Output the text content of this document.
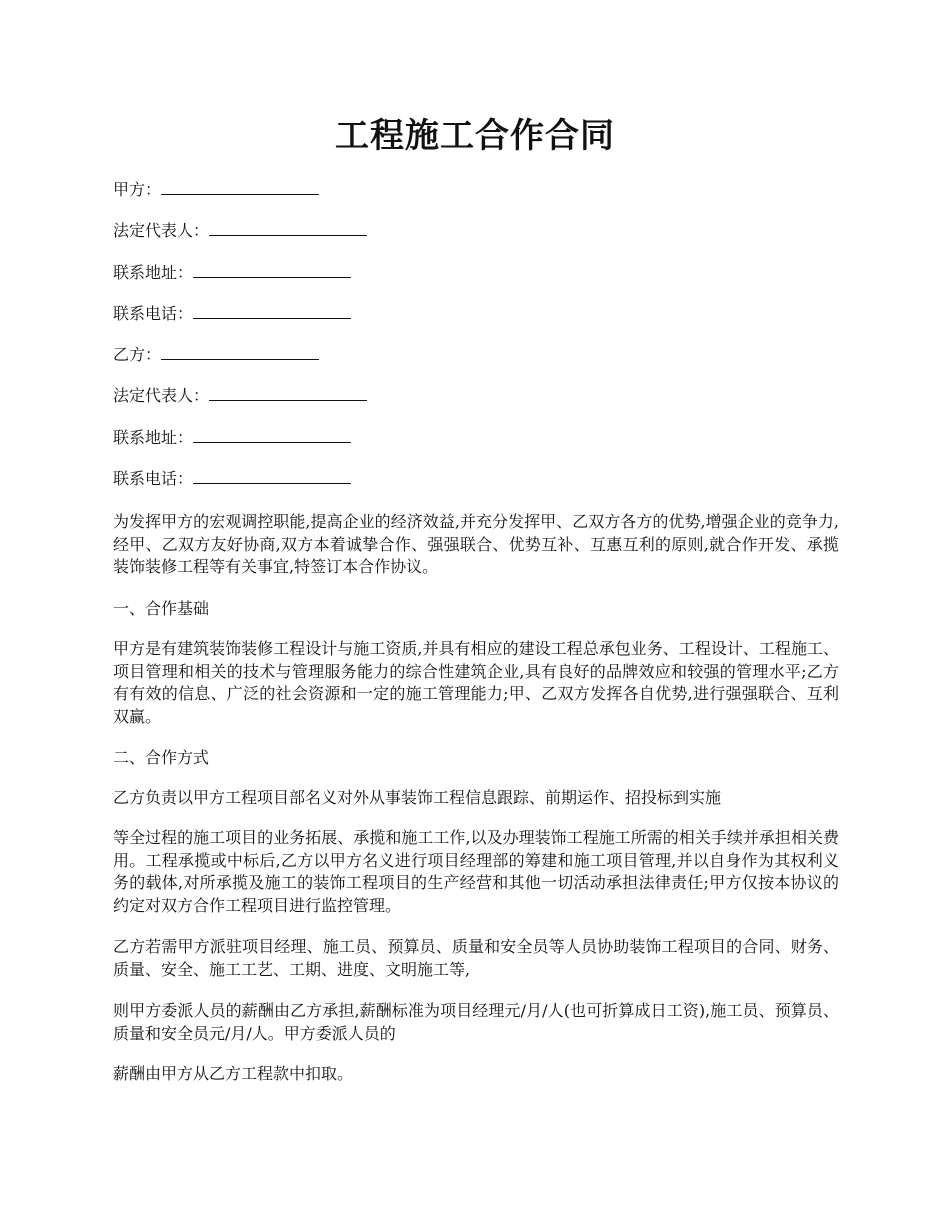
工程施工合作合同
甲方：
法定代表人：
联系地址：
联系电话：
乙方：
法定代表人：
联系地址：
联系电话：
为发挥甲方的宏观调控职能,提高企业的经济效益,并充分发挥甲、乙双方各方的优势,增强企业的竞争力,经甲、乙双方友好协商,双方本着诚挚合作、强强联合、优势互补、互惠互利的原则,就合作开发、承揽装饰装修工程等有关事宜,特签订本合作协议。
一、合作基础
甲方是有建筑装饰装修工程设计与施工资质,并具有相应的建设工程总承包业务、工程设计、工程施工、项目管理和相关的技术与管理服务能力的综合性建筑企业,具有良好的品牌效应和较强的管理水平;乙方有有效的信息、广泛的社会资源和一定的施工管理能力;甲、乙双方发挥各自优势,进行强强联合、互利双赢。
二、合作方式
乙方负责以甲方工程项目部名义对外从事装饰工程信息跟踪、前期运作、招投标到实施
等全过程的施工项目的业务拓展、承揽和施工工作,以及办理装饰工程施工所需的相关手续并承担相关费用。工程承揽或中标后,乙方以甲方名义进行项目经理部的筹建和施工项目管理,并以自身作为其权利义务的载体,对所承揽及施工的装饰工程项目的生产经营和其他一切活动承担法律责任;甲方仅按本协议的约定对双方合作工程项目进行监控管理。
乙方若需甲方派驻项目经理、施工员、预算员、质量和安全员等人员协助装饰工程项目的合同、财务、质量、安全、施工工艺、工期、进度、文明施工等,
则甲方委派人员的薪酬由乙方承担,薪酬标准为项目经理元/月/人(也可折算成日工资),施工员、预算员、质量和安全员元/月/人。甲方委派人员的
薪酬由甲方从乙方工程款中扣取。
